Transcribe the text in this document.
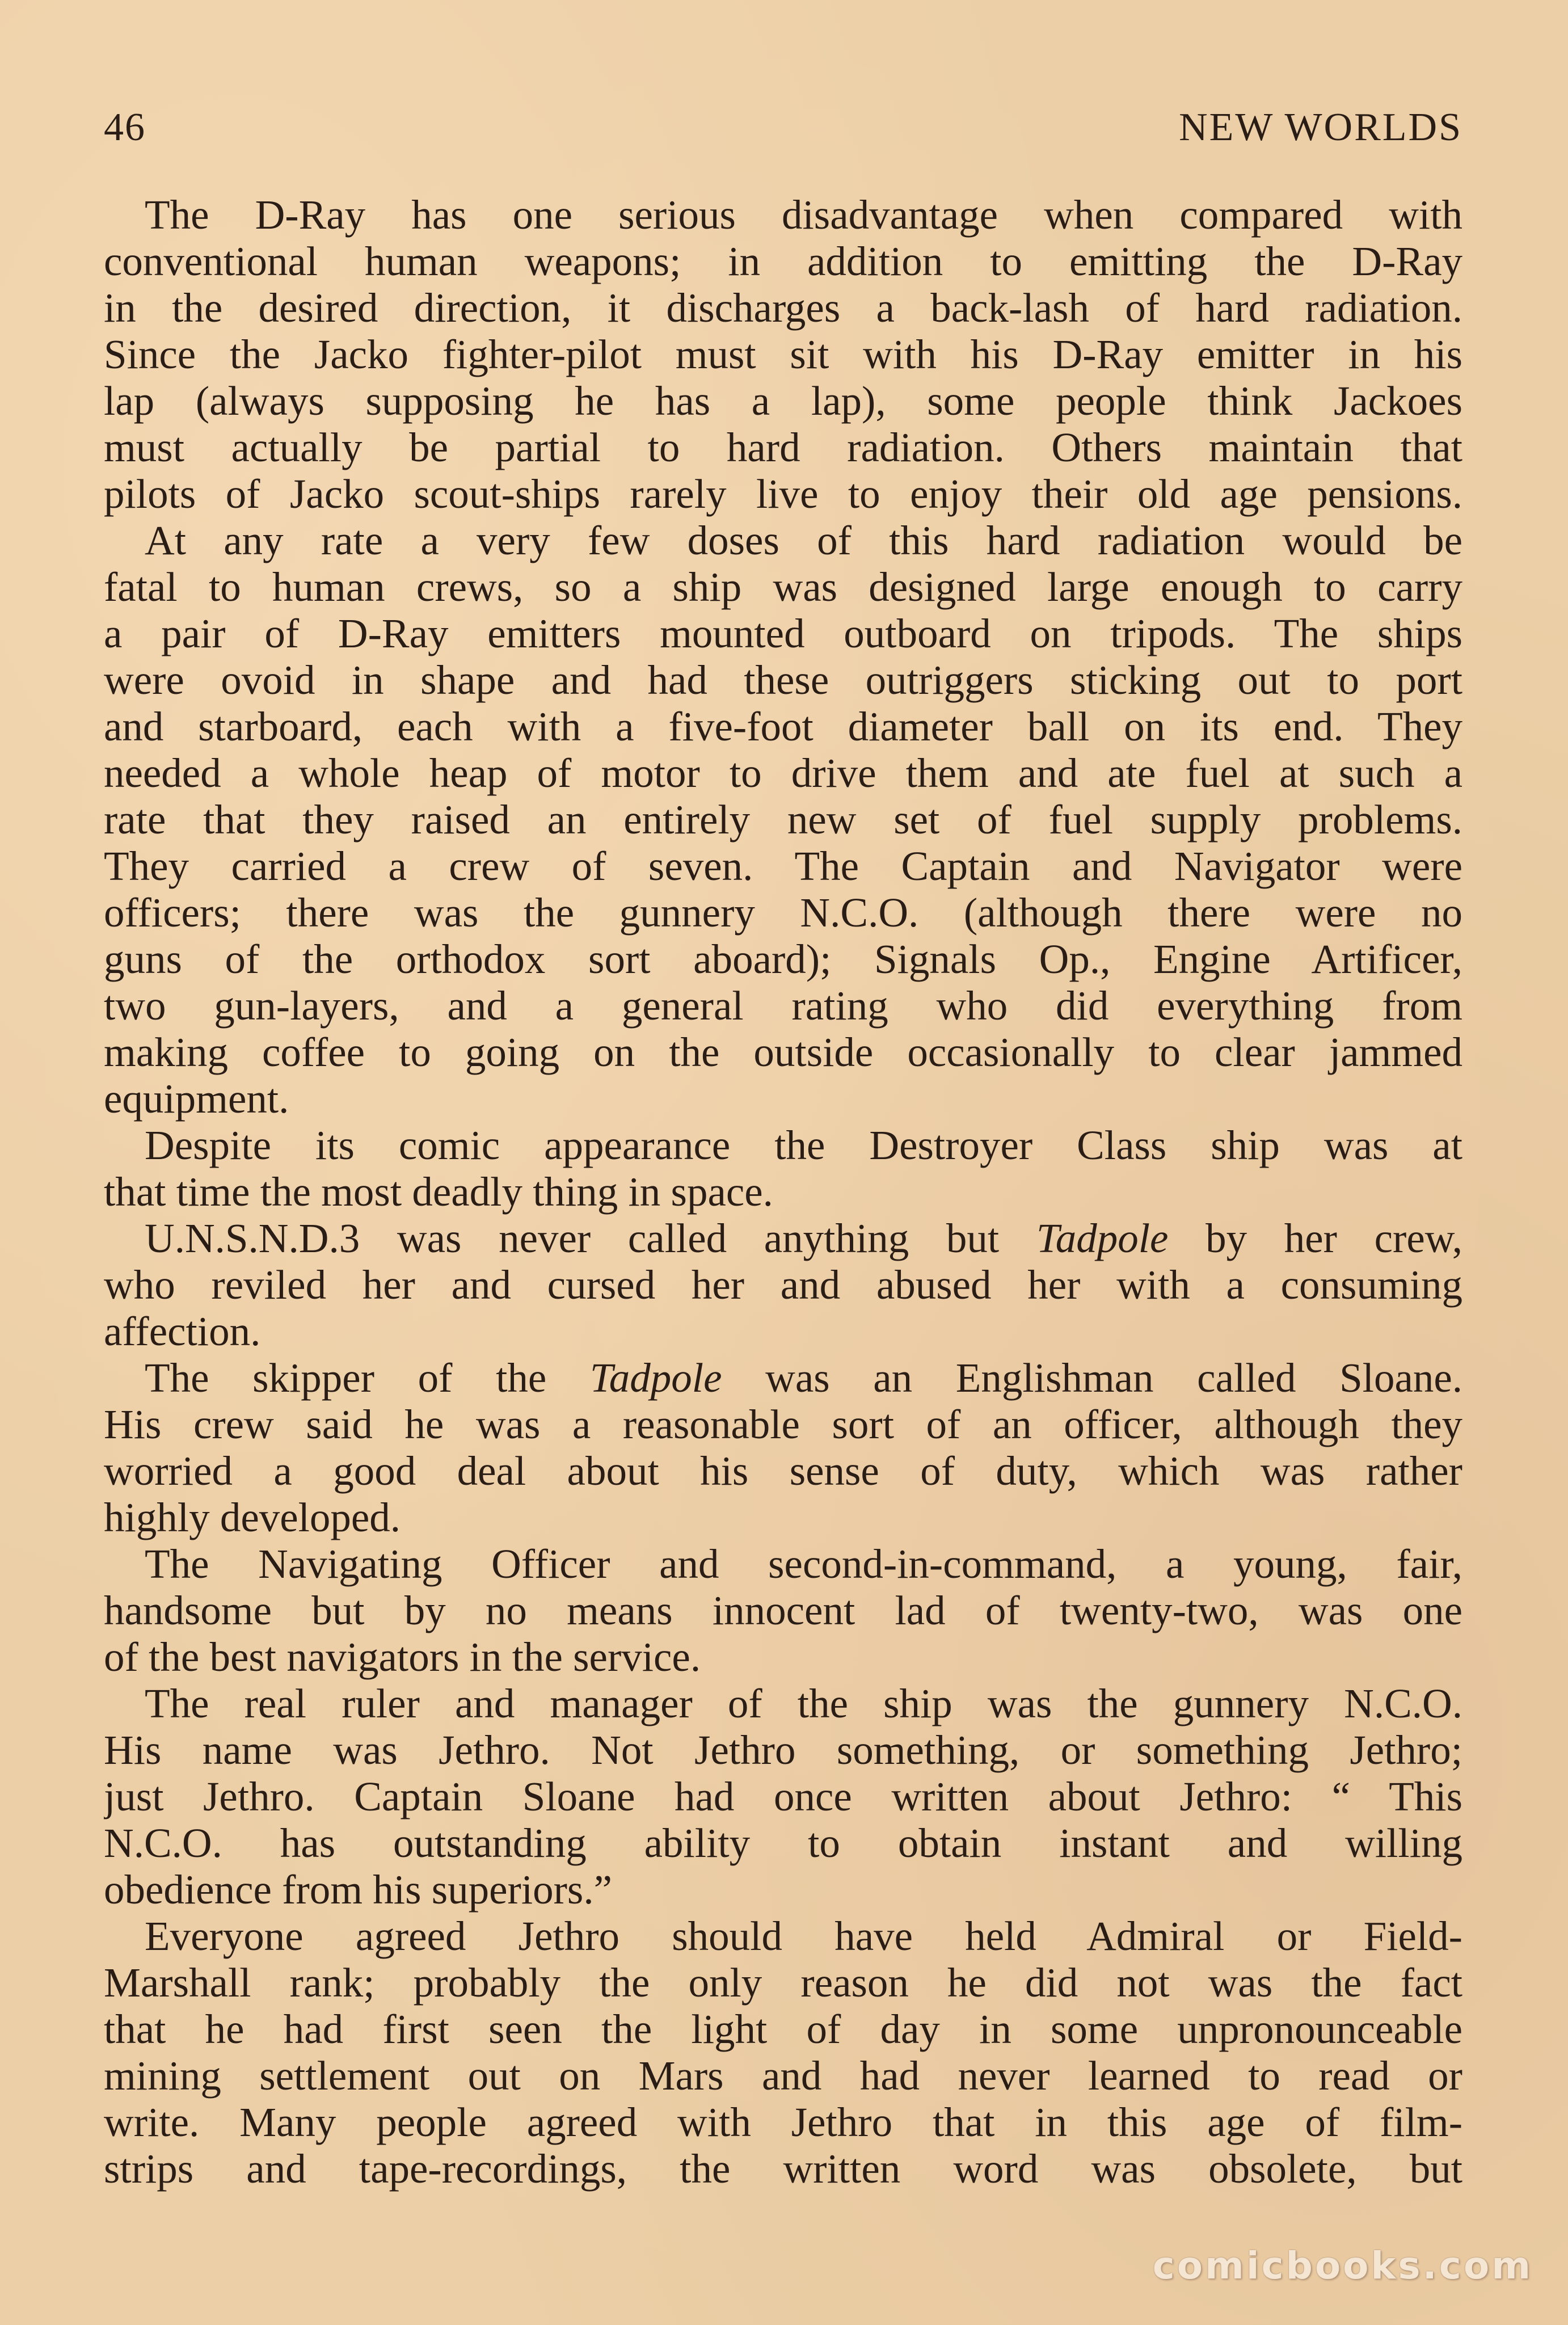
46	NEW WORLDS
The D-Ray has one serious disadvantage when compared with
conventional human weapons; in addition to emitting the D-Ray
in the desired direction, it discharges a back-lash of hard radiation.
Since the Jacko fighter-pilot must sit with his D-Ray emitter in his
lap (always supposing he has a lap), some people think Jackoes
must actually be partial to hard radiation. Others maintain that
pilots of Jacko scout-ships rarely live to enjoy their old age pensions.
At any rate a very few doses of this hard radiation would be
fatal to human crews, so a ship was designed large enough to carry
a pair of D-Ray emitters mounted outboard on tripods. The ships
were ovoid in shape and had these outriggers sticking out to port
and starboard, each with a five-foot diameter ball on its end. They
needed a whole heap of motor to drive them and ate fuel at such a
rate that they raised an entirely new set of fuel supply problems.
They carried a crew of seven. The Captain and Navigator were
officers; there was the gunnery N.C.O. (although there were no
guns of the orthodox sort aboard); Signals Op., Engine Artificer,
two gun-layers, and a general rating who did everything from
making coffee to going on the outside occasionally to clear jammed
equipment.
Despite its comic appearance the Destroyer Class ship was at
that time the most deadly thing in space.
U.N.S.N.D.3 was never called anything but Tadpole by her crew,
who reviled her and cursed her and abused her with a consuming
affection.
The skipper of the Tadpole was an Englishman called Sloane.
His crew said he was a reasonable sort of an officer, although they
worried a good deal about his sense of duty, which was rather
highly developed.
The Navigating Officer and second-in-command, a young, fair,
handsome but by no means innocent lad of twenty-two, was one
of the best navigators in the service.
The real ruler and manager of the ship was the gunnery N.C.O.
His name was Jethro. Not Jethro something, or something Jethro;
just Jethro. Captain Sloane had once written about Jethro: “ This
N.C.O. has outstanding ability to obtain instant and willing
obedience from his superiors.”
Everyone agreed Jethro should have held Admiral or Field-
Marshall rank; probably the only reason he did not was the fact
that he had first seen the light of day in some unpronounceable
mining settlement out on Mars and had never learned to read or
write. Many people agreed with Jethro that in this age of film-
strips and tape-recordings, the written word was obsolete, but
comicbooks.com
